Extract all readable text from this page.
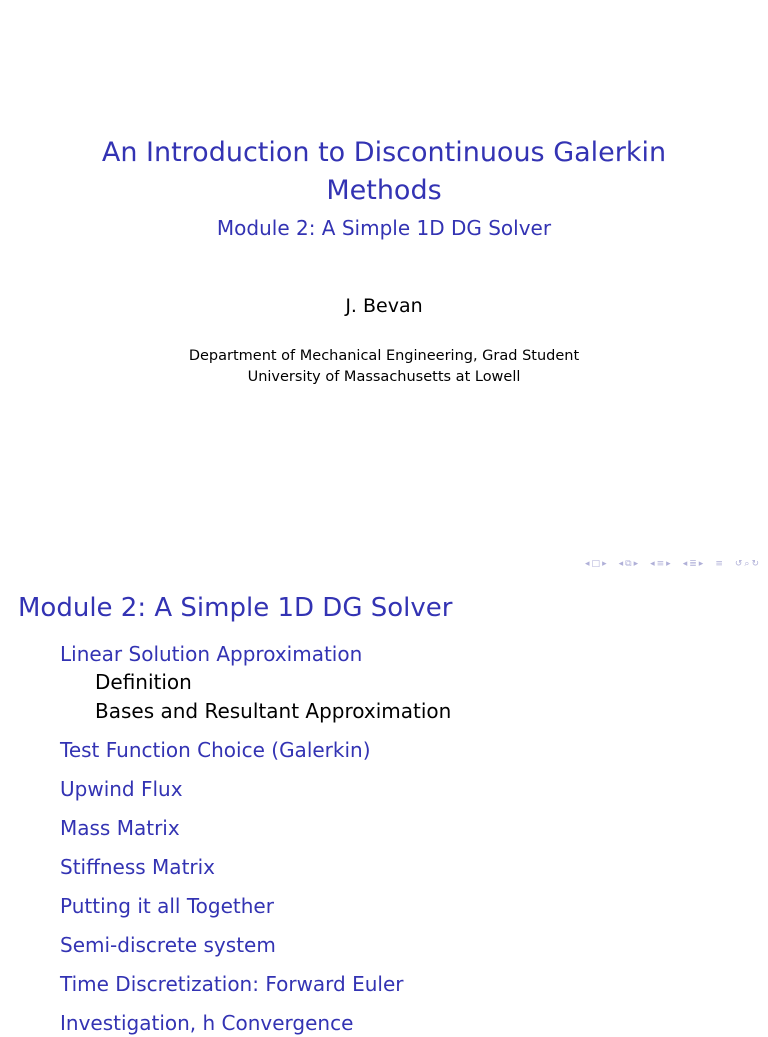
An Introduction to Discontinuous Galerkin Methods
Module 2: A Simple 1D DG Solver
J. Bevan
Department of Mechanical Engineering, Grad Student
University of Massachusetts at Lowell
◂ □ ▸ ◂ ⧉ ▸ ◂ ≡ ▸ ◂ ≣ ▸ ≡ ↺ ⌕ ↻
Module 2: A Simple 1D DG Solver
Linear Solution Approximation
Definition
Bases and Resultant Approximation
Test Function Choice (Galerkin)
Upwind Flux
Mass Matrix
Stiffness Matrix
Putting it all Together
Semi-discrete system
Time Discretization: Forward Euler
Investigation, h Convergence
